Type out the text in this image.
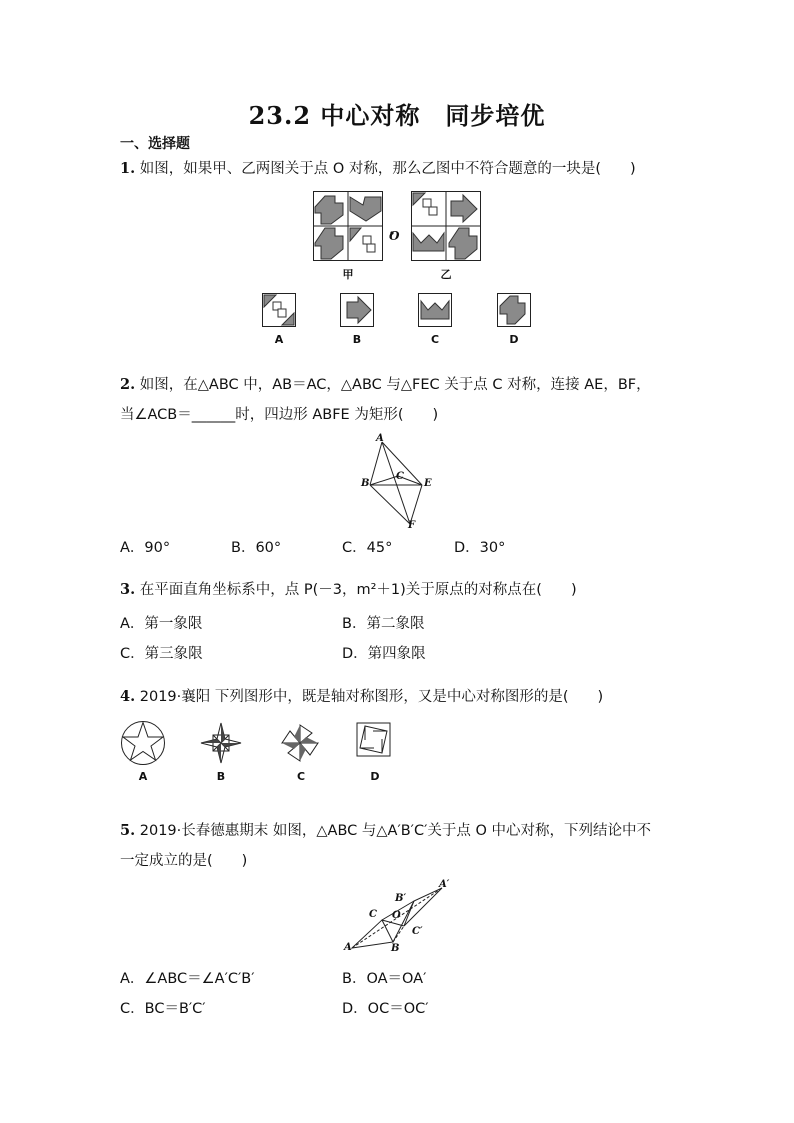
23.2 中心对称　同步培优
一、选择题
1. 如图，如果甲、乙两图关于点 O 对称，那么乙图中不符合题意的一块是(　　)
甲
O
乙
A	B	C	D
2. 如图，在△ABC 中，AB＝AC，△ABC 与△FEC 关于点 C 对称，连接 AE，BF，
当∠ACB＝______时，四边形 ABFE 为矩形(　　)
A
B
C
E
F
A．90°	B．60°	C．45°	D．30°
3. 在平面直角坐标系中，点 P(－3，m²＋1)关于原点的对称点在(　　)
A．第一象限	B．第二象限
C．第三象限	D．第四象限
4. 2019·襄阳 下列图形中，既是轴对称图形，又是中心对称图形的是(　　)
A	B	C	D
5. 2019·长春德惠期末 如图，△ABC 与△A′B′C′关于点 O 中心对称，下列结论中不
一定成立的是(　　)
A	B
C O
A′
B′
C′
A．∠ABC＝∠A′C′B′	B．OA＝OA′
C．BC＝B′C′	D．OC＝OC′
